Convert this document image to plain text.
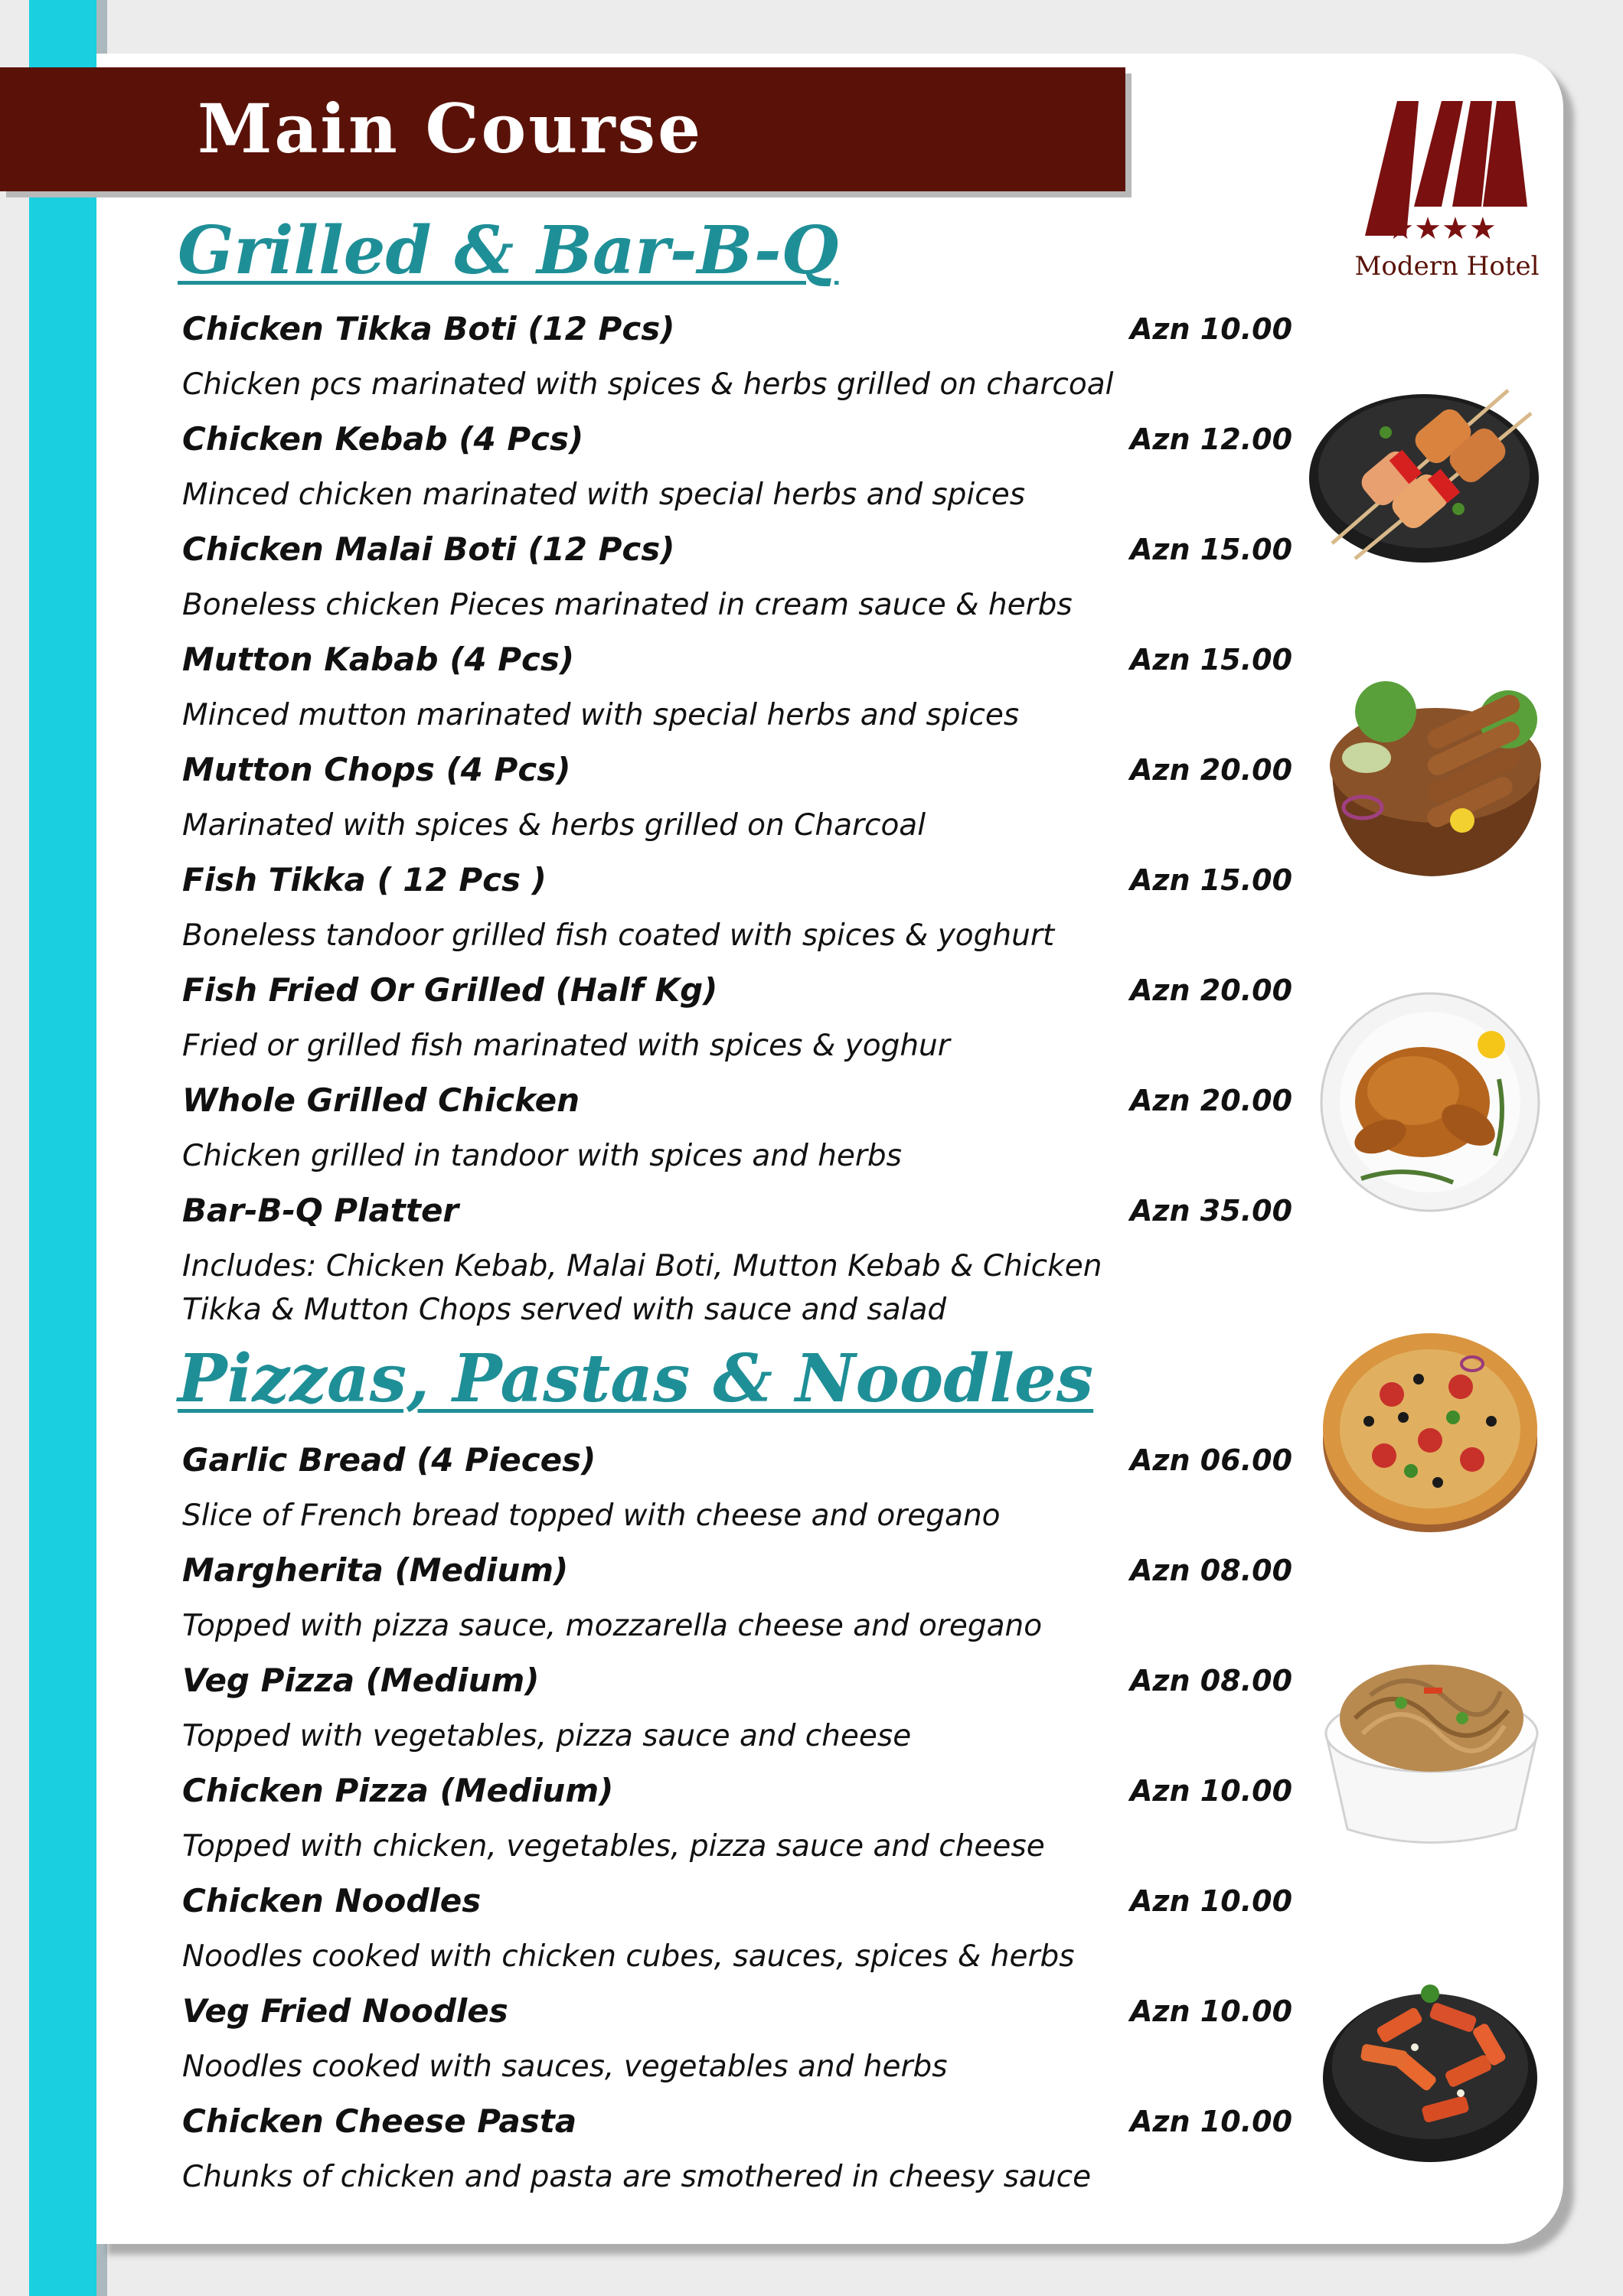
Main Course
★★★★
Modern Hotel
Grilled & Bar-B-Q
Chicken Tikka Boti (12 Pcs)	Azn 10.00
Chicken pcs marinated with spices & herbs grilled on charcoal
Chicken Kebab (4 Pcs)	Azn 12.00
Minced chicken marinated with special herbs and spices
Chicken Malai Boti (12 Pcs)	Azn 15.00
Boneless chicken Pieces marinated in cream sauce & herbs
Mutton Kabab (4 Pcs)	Azn 15.00
Minced mutton marinated with special herbs and spices
Mutton Chops (4 Pcs)	Azn 20.00
Marinated with spices & herbs grilled on Charcoal
Fish Tikka ( 12 Pcs )	Azn 15.00
Boneless tandoor grilled fish coated with spices & yoghurt
Fish Fried Or Grilled (Half Kg)	Azn 20.00
Fried or grilled fish marinated with spices & yoghur
Whole Grilled Chicken	Azn 20.00
Chicken grilled in tandoor with spices and herbs
Bar-B-Q Platter	Azn 35.00
Includes: Chicken Kebab, Malai Boti, Mutton Kebab & Chicken Tikka & Mutton Chops served with sauce and salad
Pizzas, Pastas & Noodles
Garlic Bread (4 Pieces)	Azn 06.00
Slice of French bread topped with cheese and oregano
Margherita (Medium)	Azn 08.00
Topped with pizza sauce, mozzarella cheese and oregano
Veg Pizza (Medium)	Azn 08.00
Topped with vegetables, pizza sauce and cheese
Chicken Pizza (Medium)	Azn 10.00
Topped with chicken, vegetables, pizza sauce and cheese
Chicken Noodles	Azn 10.00
Noodles cooked with chicken cubes, sauces, spices & herbs
Veg Fried Noodles	Azn 10.00
Noodles cooked with sauces, vegetables and herbs
Chicken Cheese Pasta	Azn 10.00
Chunks of chicken and pasta are smothered in cheesy sauce
